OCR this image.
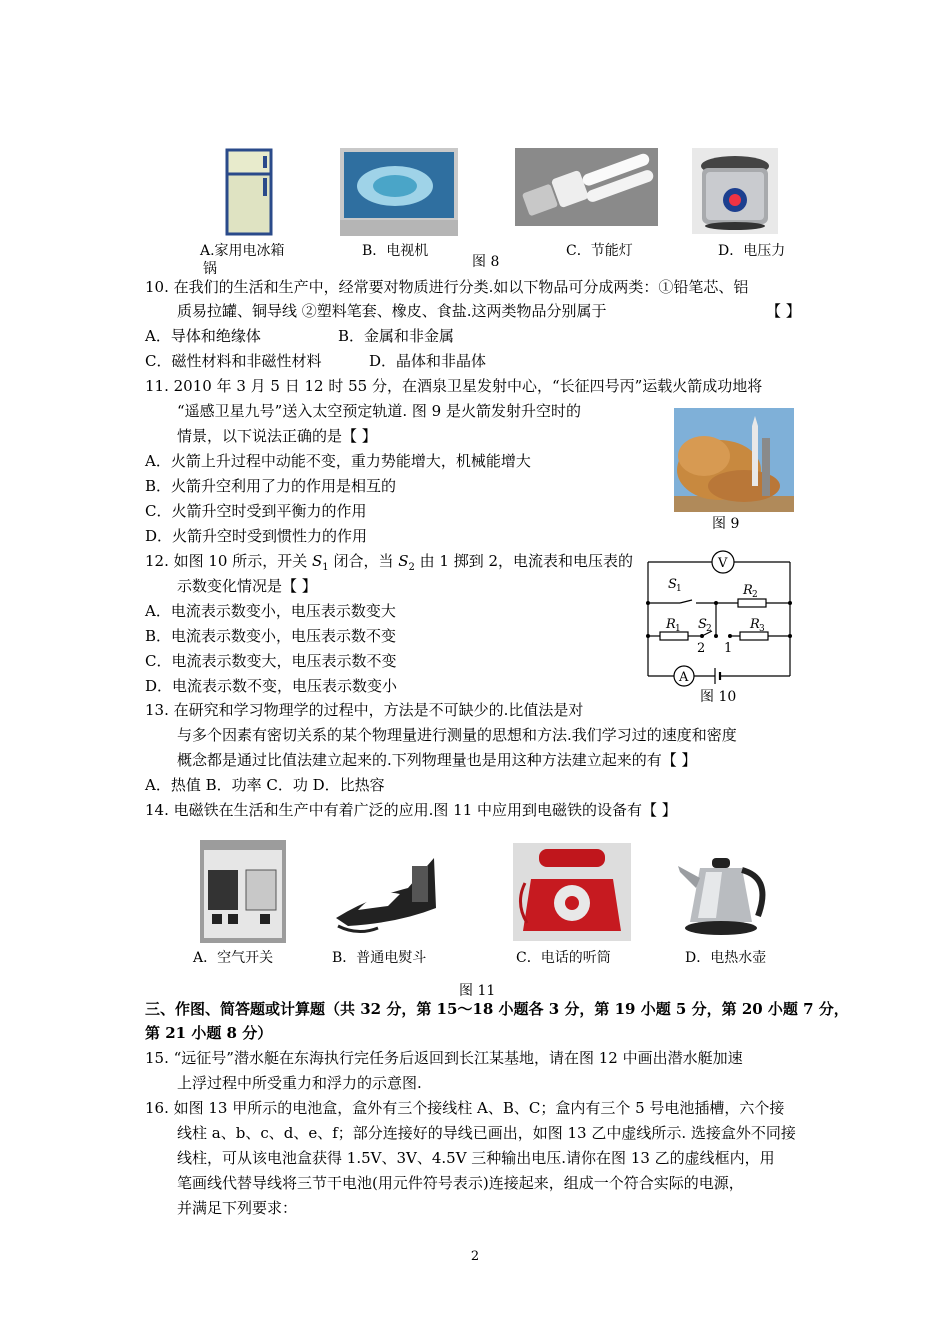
A.家用电冰箱	B．电视机
图 8
C．节能灯	D．电压力
锅
10. 在我们的生活和生产中，经常要对物质进行分类.如以下物品可分成两类：①铅笔芯、铝
质易拉罐、铜导线 ②塑料笔套、橡皮、食盐.这两类物品分别属于	【 】
A．导体和绝缘体	B．金属和非金属
C．磁性材料和非磁性材料	D．晶体和非晶体
11. 2010 年 3 月 5 日 12 时 55 分，在酒泉卫星发射中心，“长征四号丙”运载火箭成功地将
“遥感卫星九号”送入太空预定轨道. 图 9 是火箭发射升空时的
情景，以下说法正确的是【 】
A．火箭上升过程中动能不变，重力势能增大，机械能增大
B．火箭升空利用了力的作用是相互的
C．火箭升空时受到平衡力的作用
D．火箭升空时受到惯性力的作用
图 9
12. 如图 10 所示，开关 $S_1$ 闭合，当 $S_2$ 由 1 掷到 2，电流表和电压表的
示数变化情况是【 】
A．电流表示数变小，电压表示数变大
B．电流表示数变小，电压表示数不变
C．电流表示数变大，电压表示数不变
D．电流表示数不变，电压表示数变小
V
A
S 1	R 2
R 1 S 2	R 3
2 1
图 10
13. 在研究和学习物理学的过程中，方法是不可缺少的.比值法是对
与多个因素有密切关系的某个物理量进行测量的思想和方法.我们学习过的速度和密度
概念都是通过比值法建立起来的.下列物理量也是用这种方法建立起来的有【 】
A．热值 B．功率 C．功 D．比热容
14. 电磁铁在生活和生产中有着广泛的应用.图 11 中应用到电磁铁的设备有【 】
A．空气开关	B．普通电熨斗	C．电话的听筒	D．电热水壶
图 11
三、作图、简答题或计算题（共 32 分，第 15～18 小题各 3 分，第 19 小题 5 分，第 20 小题 7 分，
第 21 小题 8 分）
15. “远征号”潜水艇在东海执行完任务后返回到长江某基地，请在图 12 中画出潜水艇加速
上浮过程中所受重力和浮力的示意图.
16. 如图 13 甲所示的电池盒，盒外有三个接线柱 A、B、C；盒内有三个 5 号电池插槽，六个接
线柱 a、b、c、d、e、f；部分连接好的导线已画出，如图 13 乙中虚线所示. 选接盒外不同接
线柱，可从该电池盒获得 1.5V、3V、4.5V 三种输出电压.请你在图 13 乙的虚线框内，用
笔画线代替导线将三节干电池(用元件符号表示)连接起来，组成一个符合实际的电源，
并满足下列要求：
2
